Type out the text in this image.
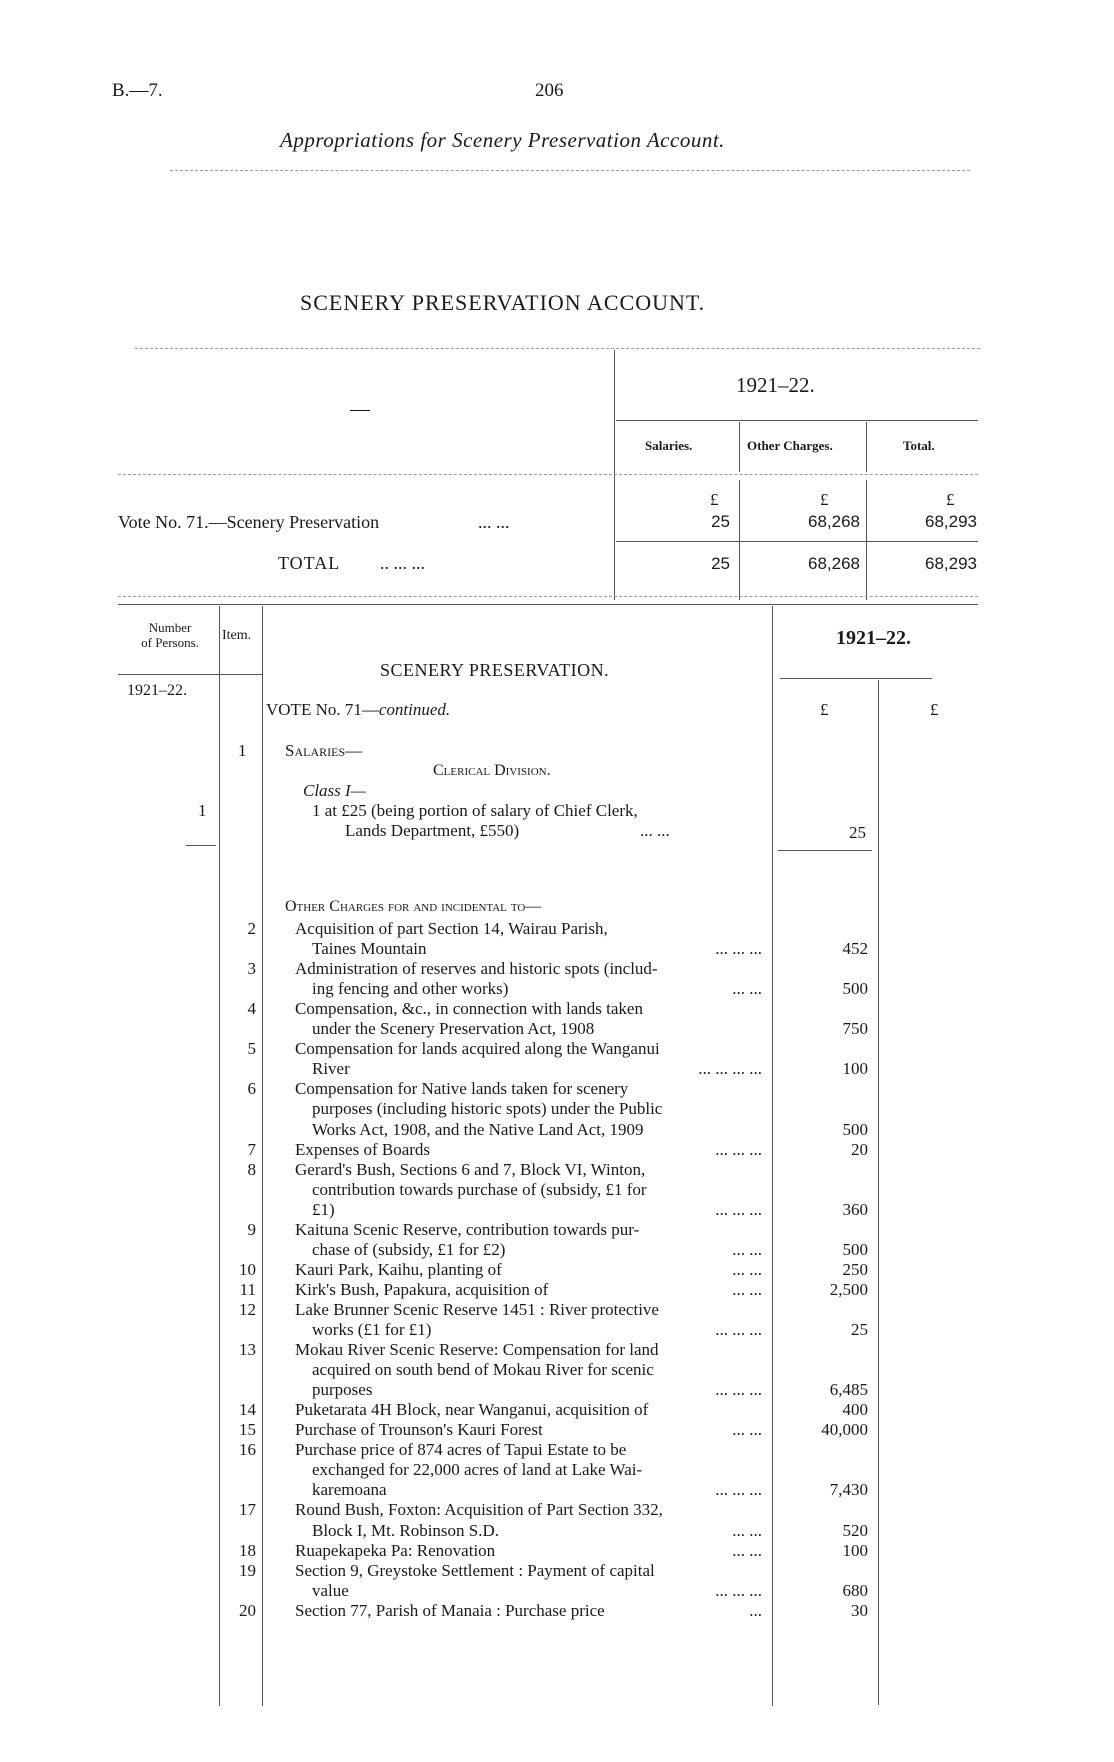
B.—7.	206
Appropriations for Scenery Preservation Account.
SCENERY PRESERVATION ACCOUNT.
—
1921–22.
Salaries.	Other Charges.	Total.
£	£	£
Vote No. 71.—Scenery Preservation	... ...	25	68,268	68,293
TOTAL .. ... ...	25	68,268	68,293
Number
of Persons.	Item.
1921–22.
SCENERY PRESERVATION.
VOTE No. 71—continued.
1921–22.
£	£
1 Salaries—
Clerical Division.
Class I—
1	1 at £25 (being portion of salary of Chief Clerk,
Lands Department, £550)	... ...	25
Other Charges for and incidental to—
2 Acquisition of part Section 14, Wairau Parish,
Taines Mountain	... ... ...	452
3 Administration of reserves and historic spots (includ-
ing fencing and other works)	... ...	500
4 Compensation, &c., in connection with lands taken
under the Scenery Preservation Act, 1908	750
5 Compensation for lands acquired along the Wanganui
River	... ... ... ...	100
6 Compensation for Native lands taken for scenery
purposes (including historic spots) under the Public
Works Act, 1908, and the Native Land Act, 1909	500
7 Expenses of Boards	... ... ...	20
8 Gerard's Bush, Sections 6 and 7, Block VI, Winton,
contribution towards purchase of (subsidy, £1 for
£1)	... ... ...	360
9 Kaituna Scenic Reserve, contribution towards pur-
chase of (subsidy, £1 for £2)	... ...	500
10 Kauri Park, Kaihu, planting of	... ...	250
11 Kirk's Bush, Papakura, acquisition of	... ...	2,500
12 Lake Brunner Scenic Reserve 1451 : River protective
works (£1 for £1)	... ... ...	25
13 Mokau River Scenic Reserve: Compensation for land
acquired on south bend of Mokau River for scenic
purposes	... ... ...	6,485
14 Puketarata 4H Block, near Wanganui, acquisition of	400
15 Purchase of Trounson's Kauri Forest	... ...	40,000
16 Purchase price of 874 acres of Tapui Estate to be
exchanged for 22,000 acres of land at Lake Wai-
karemoana	... ... ...	7,430
17 Round Bush, Foxton: Acquisition of Part Section 332,
Block I, Mt. Robinson S.D.	... ...	520
18 Ruapekapeka Pa: Renovation	... ...	100
19 Section 9, Greystoke Settlement : Payment of capital
value	... ... ...	680
20 Section 77, Parish of Manaia : Purchase price	...	30
